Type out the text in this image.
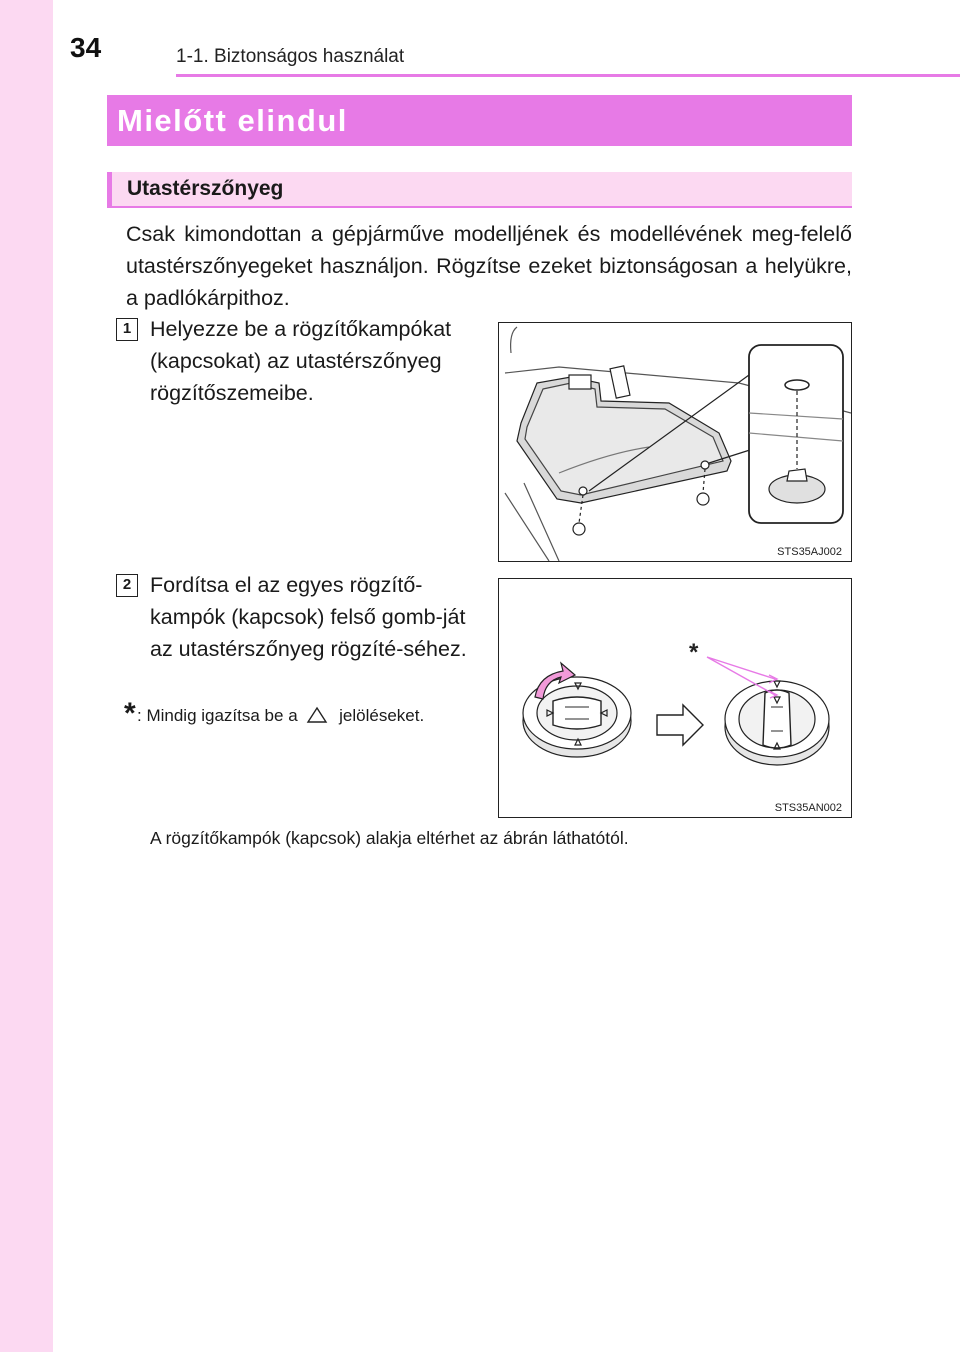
34	1-1. Biztonságos használat
Mielőtt elindul
Utastérszőnyeg

Csak kimondottan a gépjárműve modelljének és modellévének meg-felelő utastérszőnyegeket használjon. Rögzítse ezeket biztonságosan a helyükre, a padlókárpithoz.

1 Helyezze be a rögzítőkampókat (kapcsokat) az utastérszőnyeg rögzítőszemeibe.

STS35AJ002
2 Fordítsa el az egyes rögzítő-kampók (kapcsok) felső gomb-ját az utastérszőnyeg rögzíté-séhez.

* : Mindig igazítsa be a jelöléseket.
*
STS35AN002
A rögzítőkampók (kapcsok) alakja eltérhet az ábrán láthatótól.
